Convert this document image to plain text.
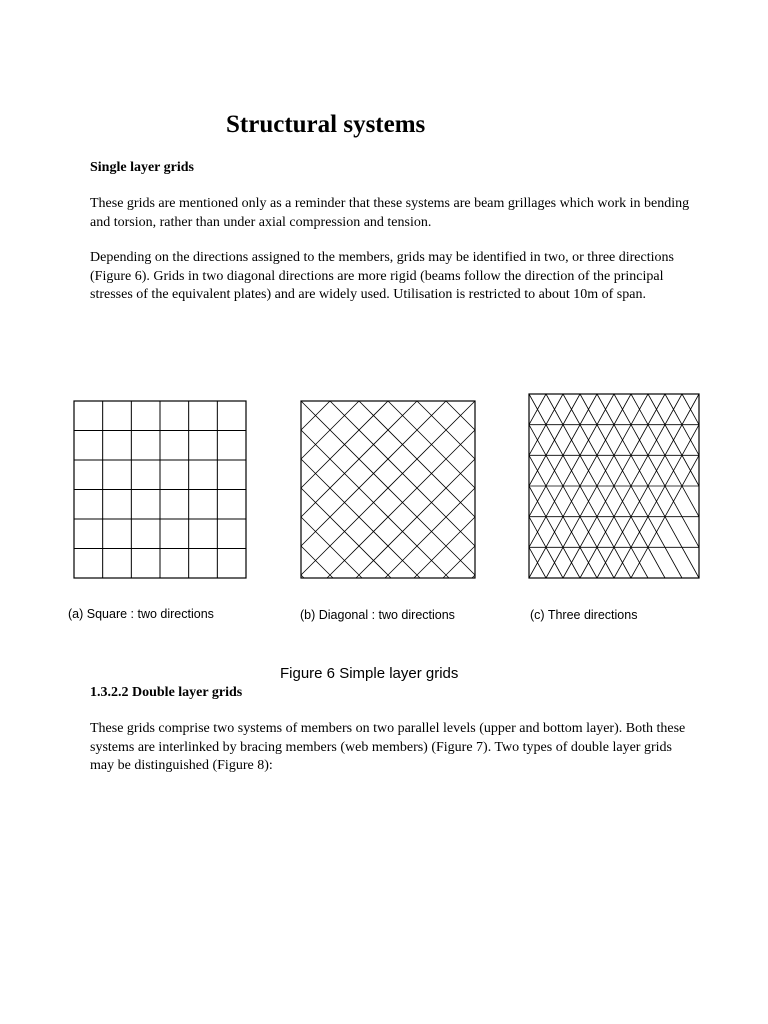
Structural systems
Single layer grids

These grids are mentioned only as a reminder that these systems are beam grillages which work in bending and torsion, rather than under axial compression and tension.

Depending on the directions assigned to the members, grids may be identified in two, or three directions (Figure 6). Grids in two diagonal directions are more rigid (beams follow the direction of the principal stresses of the equivalent plates) and are widely used. Utilisation is restricted to about 10m of span.

(a) Square : two directions	(b) Diagonal : two directions	(c) Three directions

Figure 6 Simple layer grids

1.3.2.2 Double layer grids

These grids comprise two systems of members on two parallel levels (upper and bottom layer). Both these systems are interlinked by bracing members (web members) (Figure 7). Two types of double layer grids may be distinguished (Figure 8):
